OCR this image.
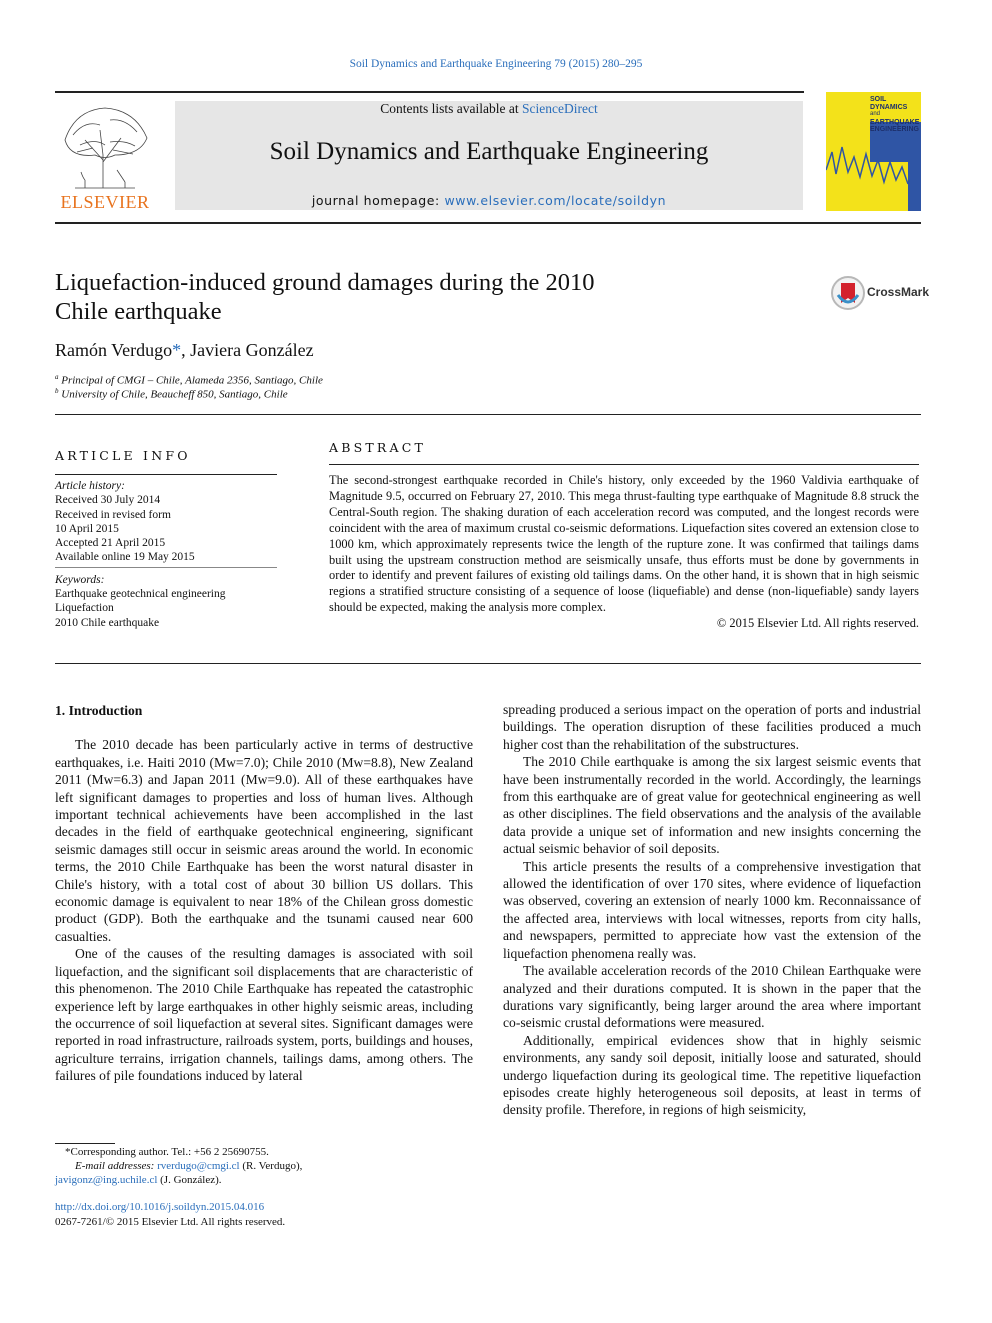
Soil Dynamics and Earthquake Engineering 79 (2015) 280–295
ELSEVIER
Contents lists available at ScienceDirect
Soil Dynamics and Earthquake Engineering
journal homepage: www.elsevier.com/locate/soildyn
SOIL
DYNAMICS
and
EARTHQUAKE
ENGINEERING
Liquefaction-induced ground damages during the 2010
Chile earthquake
CrossMark
Ramón Verdugo*, Javiera González
$^a$ Principal of CMGI – Chile, Alameda 2356, Santiago, Chile
$^b$ University of Chile, Beaucheff 850, Santiago, Chile
ARTICLE INFO
Article history:
Received 30 July 2014
Received in revised form
10 April 2015
Accepted 21 April 2015
Available online 19 May 2015
Keywords:
Earthquake geotechnical engineering
Liquefaction
2010 Chile earthquake
ABSTRACT
The second-strongest earthquake recorded in Chile's history, only exceeded by the 1960 Valdivia earthquake of Magnitude 9.5, occurred on February 27, 2010. This mega thrust-faulting type earthquake of Magnitude 8.8 struck the Central-South region. The shaking duration of each acceleration record was computed, and the longest records were coincident with the area of maximum crustal co-seismic deformations. Liquefaction sites covered an extension close to 1000 km, which approximately represents twice the length of the rupture zone. It was confirmed that tailings dams built using the upstream construction method are seismically unsafe, thus efforts must be done by governments in order to identify and prevent failures of existing old tailings dams. On the other hand, it is shown that in high seismic regions a stratified structure consisting of a sequence of loose (liquefiable) and dense (non-liquefiable) sandy layers should be expected, making the analysis more complex.
© 2015 Elsevier Ltd. All rights reserved.
1. Introduction

The 2010 decade has been particularly active in terms of destructive earthquakes, i.e. Haiti 2010 (Mw=7.0); Chile 2010 (Mw=8.8), New Zealand 2011 (Mw=6.3) and Japan 2011 (Mw=9.0). All of these earthquakes have left significant damages to properties and loss of human lives. Although important technical achievements have been accomplished in the last decades in the field of earthquake geotechnical engineering, significant seismic damages still occur in seismic areas around the world. In economic terms, the 2010 Chile Earthquake has been the worst natural disaster in Chile's history, with a total cost of about 30 billion US dollars. This economic damage is equivalent to near 18% of the Chilean gross domestic product (GDP). Both the earthquake and the tsunami caused near 600 casualties.

One of the causes of the resulting damages is associated with soil liquefaction, and the significant soil displacements that are characteristic of this phenomenon. The 2010 Chile Earthquake has repeated the catastrophic experience left by large earthquakes in other highly seismic areas, including the occurrence of soil liquefaction at several sites. Significant damages were reported in road infrastructure, railroads system, ports, buildings and houses, agriculture terrains, irrigation channels, tailings dams, among others. The failures of pile foundations induced by lateral

spreading produced a serious impact on the operation of ports and industrial buildings. The operation disruption of these facilities produced a much higher cost than the rehabilitation of the substructures.

The 2010 Chile earthquake is among the six largest seismic events that have been instrumentally recorded in the world. Accordingly, the learnings from this earthquake are of great value for geotechnical engineering as well as other disciplines. The field observations and the analysis of the available data provide a unique set of information and new insights concerning the actual seismic behavior of soil deposits.

This article presents the results of a comprehensive investigation that allowed the identification of over 170 sites, where evidence of liquefaction was observed, covering an extension of nearly 1000 km. Reconnaissance of the affected area, interviews with local witnesses, reports from city halls, and newspapers, permitted to appreciate how vast the extension of the liquefaction phenomena really was.

The available acceleration records of the 2010 Chilean Earthquake were analyzed and their durations computed. It is shown in the paper that the durations vary significantly, being larger around the area where important co-seismic crustal deformations were measured.

Additionally, empirical evidences show that in highly seismic environments, any sandy soil deposit, initially loose and saturated, should undergo liquefaction during its geological time. The repetitive liquefaction episodes create highly heterogeneous soil deposits, at least in terms of density profile. Therefore, in regions of high seismicity,

*Corresponding author. Tel.: +56 2 25690755.
E-mail addresses: rverdugo@cmgi.cl (R. Verdugo),
javigonz@ing.uchile.cl (J. González).
http://dx.doi.org/10.1016/j.soildyn.2015.04.016
0267-7261/© 2015 Elsevier Ltd. All rights reserved.
